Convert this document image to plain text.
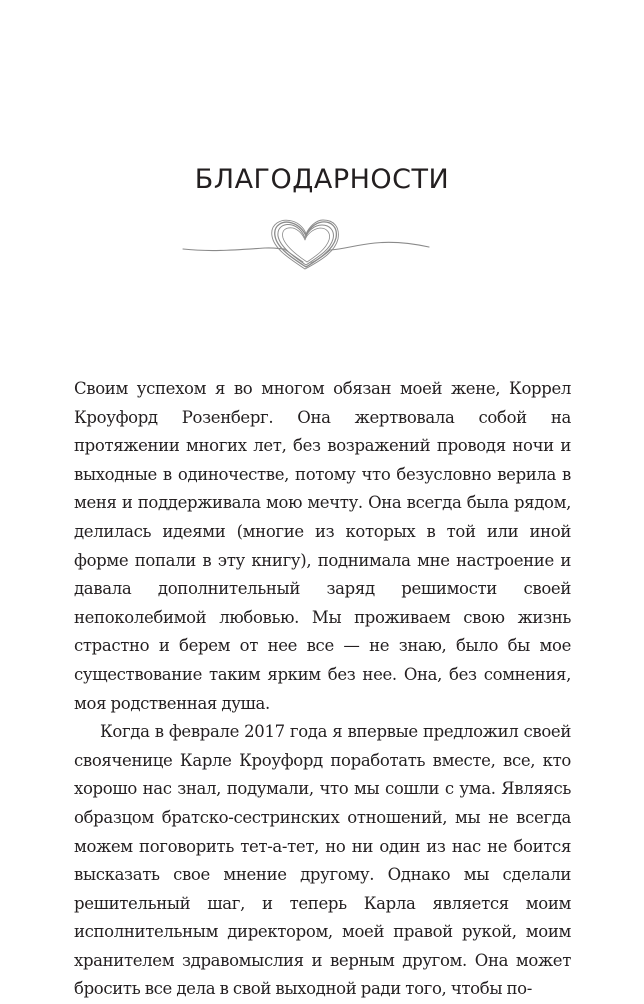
БЛАГОДАРНОСТИ

Своим успехом я во многом обязан моей жене, Коррел Кроуфорд Розенберг. Она жертвовала собой на протяжении многих лет, без возражений проводя ночи и выходные в одиночестве, потому что безусловно верила в меня и поддерживала мою мечту. Она всегда была рядом, делилась идеями (многие из которых в той или иной форме попали в эту книгу), поднимала мне настроение и давала дополнительный заряд решимости своей непоколебимой любовью. Мы проживаем свою жизнь страстно и берем от нее все — не знаю, было бы мое существование таким ярким без нее. Она, без сомнения, моя родственная душа.

Когда в феврале 2017 года я впервые предложил своей свояченице Карле Кроуфорд поработать вместе, все, кто хорошо нас знал, подумали, что мы сошли с ума. Являясь образцом братско-сестринских отношений, мы не всегда можем поговорить тет-а-тет, но ни один из нас не боится высказать свое мнение другому. Однако мы сделали решительный шаг, и теперь Карла является моим исполнительным директором, моей правой рукой, моим хранителем здравомыслия и верным другом. Она может бросить все дела в свой выходной ради того, чтобы по-
